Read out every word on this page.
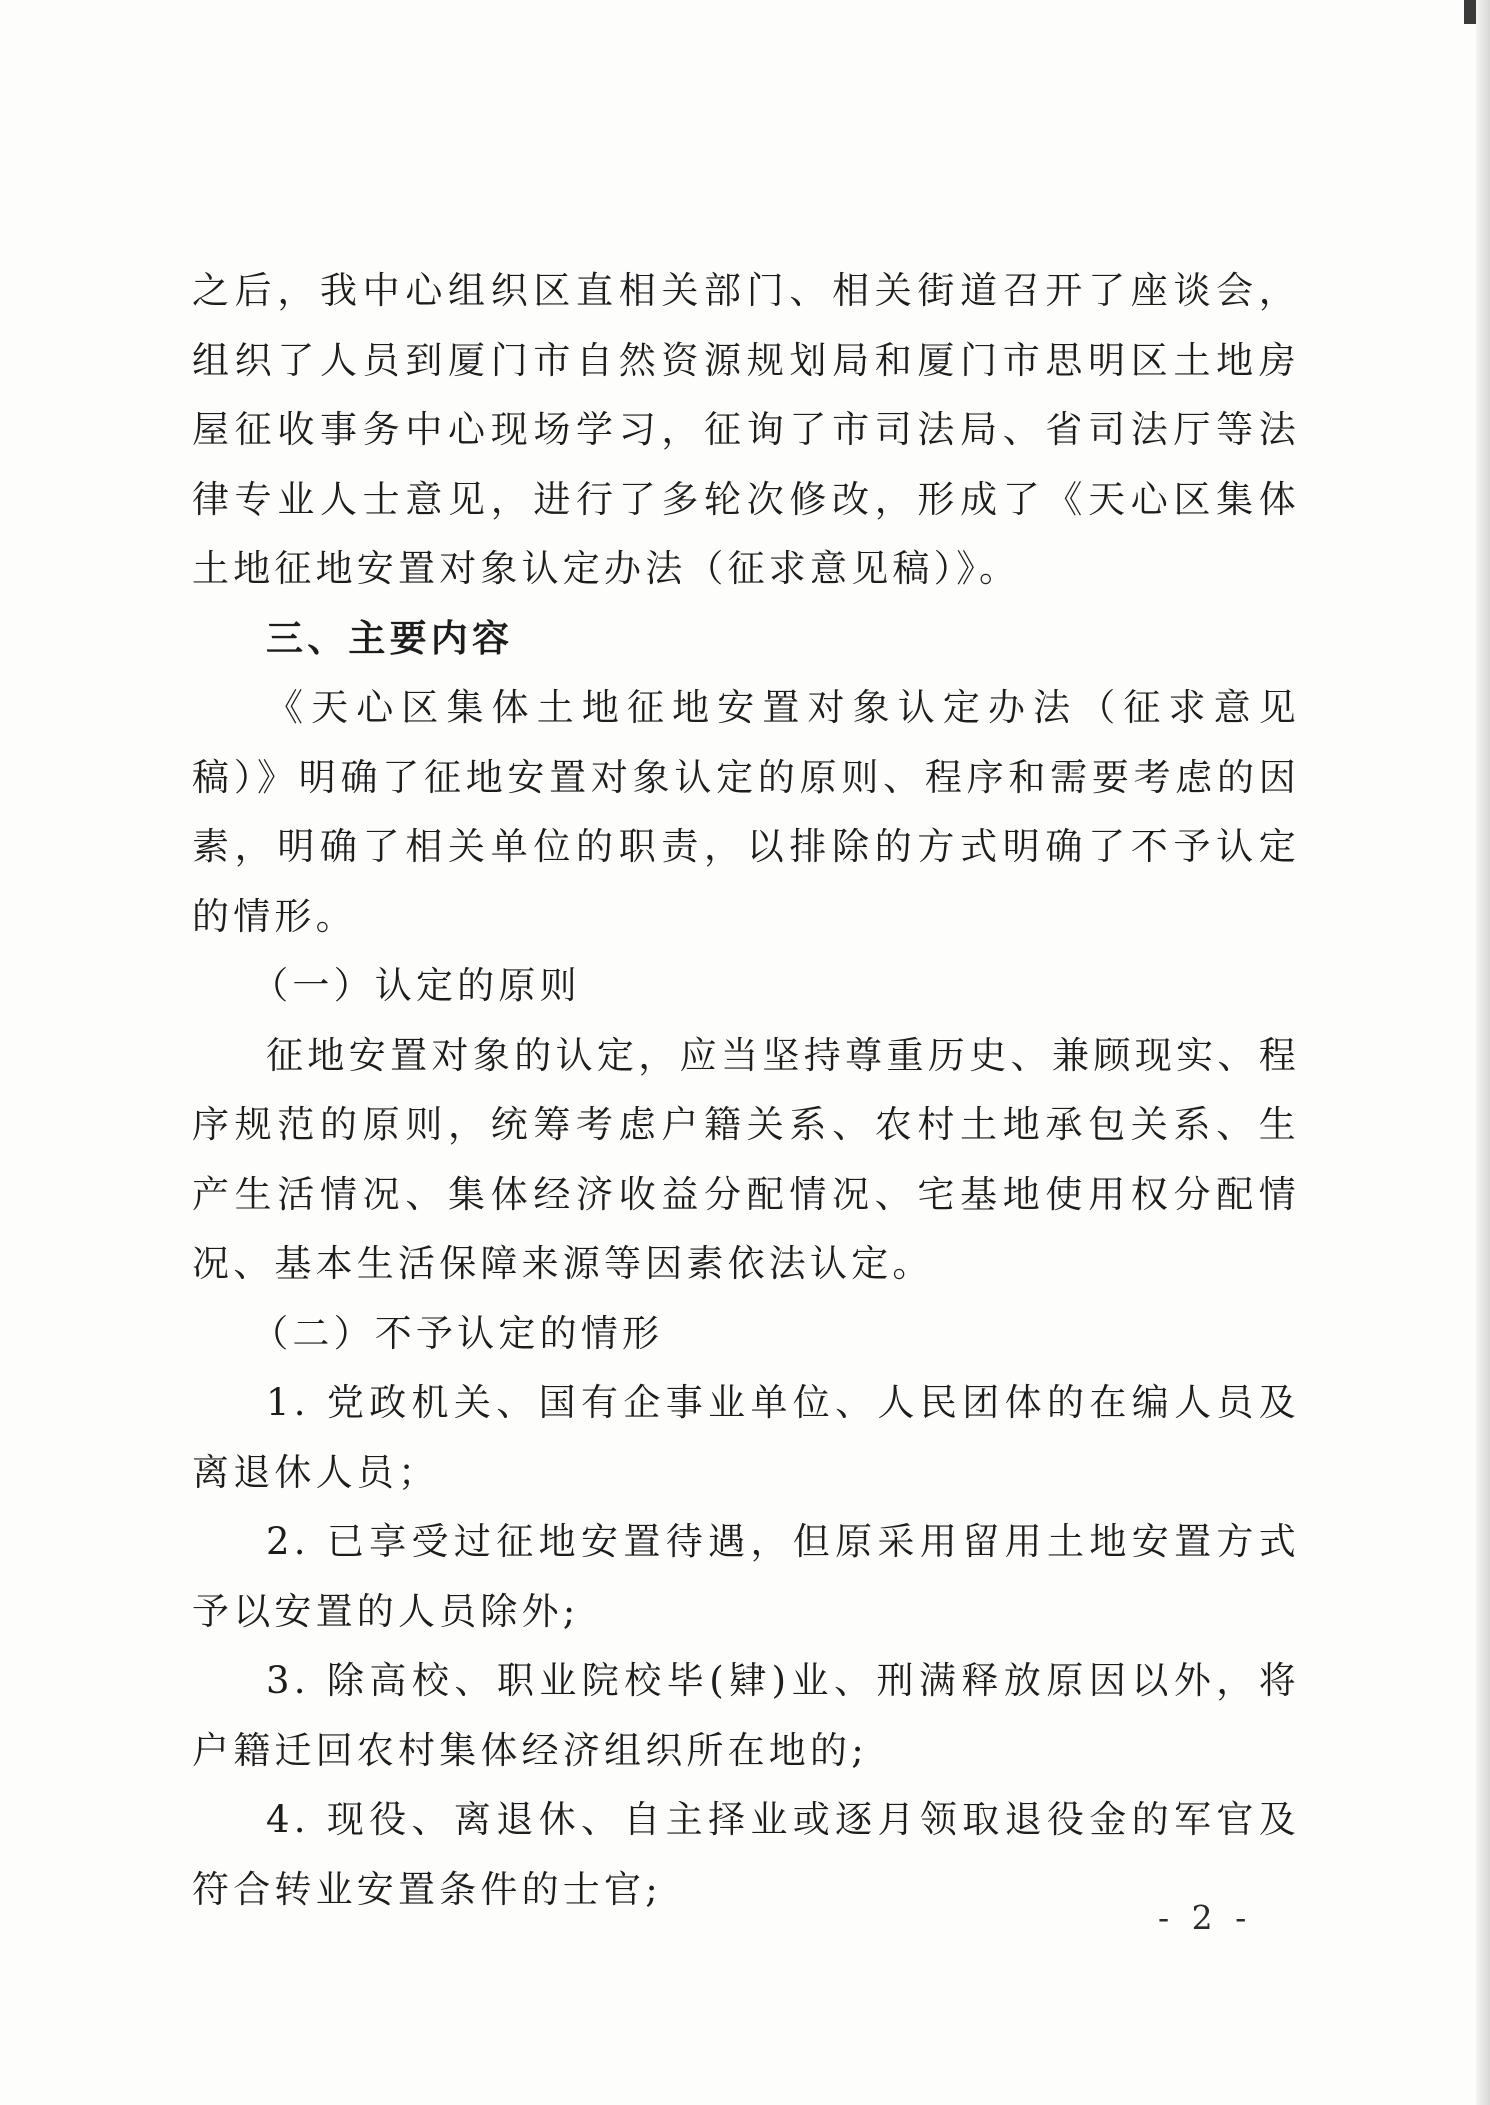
之后，我中心组织区直相关部门、相关街道召开了座谈会，组织了人员到厦门市自然资源规划局和厦门市思明区土地房屋征收事务中心现场学习，征询了市司法局、省司法厅等法律专业人士意见，进行了多轮次修改，形成了《天心区集体土地征地安置对象认定办法（征求意见稿）》。

三、主要内容

《天心区集体土地征地安置对象认定办法（征求意见稿）》明确了征地安置对象认定的原则、程序和需要考虑的因素，明确了相关单位的职责，以排除的方式明确了不予认定的情形。

（一）认定的原则

征地安置对象的认定，应当坚持尊重历史、兼顾现实、程序规范的原则，统筹考虑户籍关系、农村土地承包关系、生产生活情况、集体经济收益分配情况、宅基地使用权分配情况、基本生活保障来源等因素依法认定。

（二）不予认定的情形

1. 党政机关、国有企事业单位、人民团体的在编人员及离退休人员；

2. 已享受过征地安置待遇，但原采用留用土地安置方式予以安置的人员除外;

3. 除高校、职业院校毕(肄)业、刑满释放原因以外，将户籍迁回农村集体经济组织所在地的;

4. 现役、离退休、自主择业或逐月领取退役金的军官及符合转业安置条件的士官;

- 2 -
